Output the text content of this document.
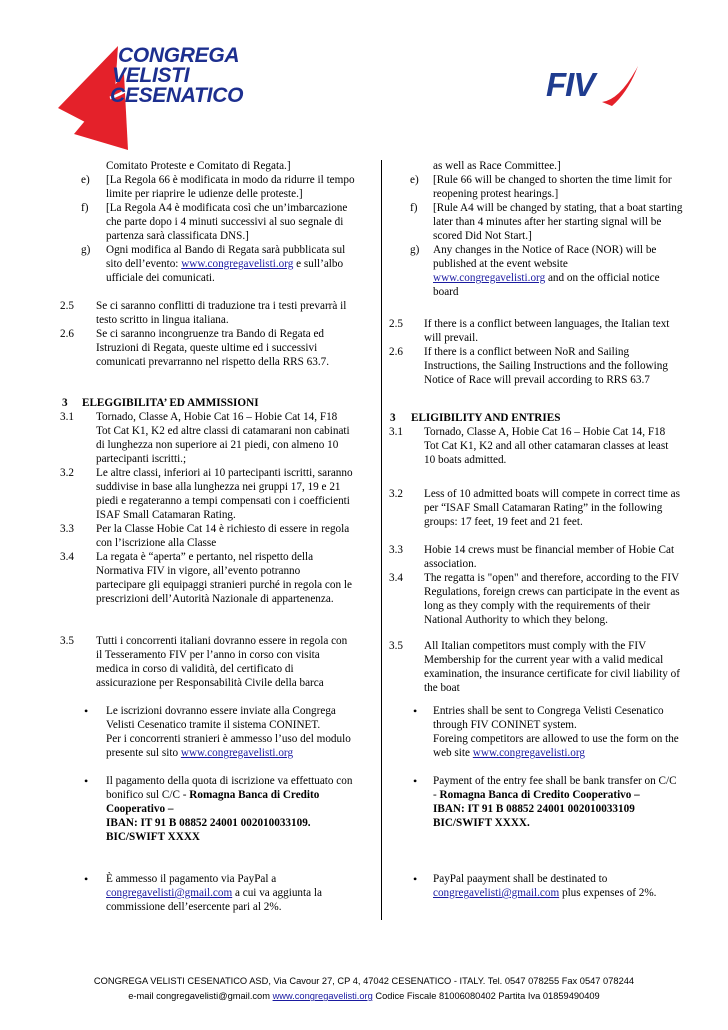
CONGREGA
VELISTI
CESENATICO	FIV
Comitato Proteste e Comitato di Regata.]
e) [La Regola 66 è modificata in modo da ridurre il tempo
limite per riaprire le udienze delle proteste.]
f) [La Regola A4 è modificata così che un’imbarcazione
che parte dopo i 4 minuti successivi al suo segnale di
partenza sarà classificata DNS.]
g) Ogni modifica al Bando di Regata sarà pubblicata sul
sito dell’evento: www.congregavelisti.org e sull’albo
ufficiale dei comunicati.
2.5 Se ci saranno conflitti di traduzione tra i testi prevarrà il
testo scritto in lingua italiana.
2.6 Se ci saranno incongruenze tra Bando di Regata ed
Istruzioni di Regata, queste ultime ed i successivi
comunicati prevarranno nel rispetto della RRS 63.7.
3 ELEGGIBILITA’ ED AMMISSIONI
3.1 Tornado, Classe A, Hobie Cat 16 – Hobie Cat 14, F18
Tot Cat K1, K2 ed altre classi di catamarani non cabinati
di lunghezza non superiore ai 21 piedi, con almeno 10
partecipanti iscritti.;
3.2 Le altre classi, inferiori ai 10 partecipanti iscritti, saranno
suddivise in base alla lunghezza nei gruppi 17, 19 e 21
piedi e regateranno a tempi compensati con i coefficienti
ISAF Small Catamaran Rating.
3.3 Per la Classe Hobie Cat 14 è richiesto di essere in regola
con l’iscrizione alla Classe
3.4 La regata è “aperta” e pertanto, nel rispetto della
Normativa FIV in vigore, all’evento potranno
partecipare gli equipaggi stranieri purché in regola con le
prescrizioni dell’Autorità Nazionale di appartenenza.
3.5 Tutti i concorrenti italiani dovranno essere in regola con
il Tesseramento FIV per l’anno in corso con visita
medica in corso di validità, del certificato di
assicurazione per Responsabilità Civile della barca
• Le iscrizioni dovranno essere inviate alla Congrega
Velisti Cesenatico tramite il sistema CONINET.
Per i concorrenti stranieri è ammesso l’uso del modulo
presente sul sito www.congregavelisti.org
• Il pagamento della quota di iscrizione va effettuato con
bonifico sul C/C - Romagna Banca di Credito
Cooperativo –
IBAN: IT 91 B 08852 24001 002010033109.
BIC/SWIFT XXXX
• È ammesso il pagamento via PayPal a
congregavelisti@gmail.com a cui va aggiunta la
commissione dell’esercente pari al 2%.
as well as Race Committee.]
e) [Rule 66 will be changed to shorten the time limit for
reopening protest hearings.]
f) [Rule A4 will be changed by stating, that a boat starting
later than 4 minutes after her starting signal will be
scored Did Not Start.]
g) Any changes in the Notice of Race (NOR) will be
published at the event website
www.congregavelisti.org and on the official notice
board
2.5 If there is a conflict between languages, the Italian text
will prevail.
2.6 If there is a conflict between NoR and Sailing
Instructions, the Sailing Instructions and the following
Notice of Race will prevail according to RRS 63.7
3 ELIGIBILITY AND ENTRIES
3.1 Tornado, Classe A, Hobie Cat 16 – Hobie Cat 14, F18
Tot Cat K1, K2 and all other catamaran classes at least
10 boats admitted.
3.2 Less of 10 admitted boats will compete in correct time as
per “ISAF Small Catamaran Rating” in the following
groups: 17 feet, 19 feet and 21 feet.
3.3 Hobie 14 crews must be financial member of Hobie Cat
association.
3.4 The regatta is "open" and therefore, according to the FIV
Regulations, foreign crews can participate in the event as
long as they comply with the requirements of their
National Authority to which they belong.
3.5 All Italian competitors must comply with the FIV
Membership for the current year with a valid medical
examination, the insurance certificate for civil liability of
the boat
• Entries shall be sent to Congrega Velisti Cesenatico
through FIV CONINET system.
Foreing competitors are allowed to use the form on the
web site www.congregavelisti.org
• Payment of the entry fee shall be bank transfer on C/C
- Romagna Banca di Credito Cooperativo –
IBAN: IT 91 B 08852 24001 002010033109
BIC/SWIFT XXXX.
• PayPal paayment shall be destinated to
congregavelisti@gmail.com plus expenses of 2%.
CONGREGA VELISTI CESENATICO ASD, Via Cavour 27, CP 4, 47042 CESENATICO - ITALY. Tel. 0547 078255 Fax 0547 078244
e-mail congregavelisti@gmail.com www.congregavelisti.org Codice Fiscale 81006080402 Partita Iva 01859490409
